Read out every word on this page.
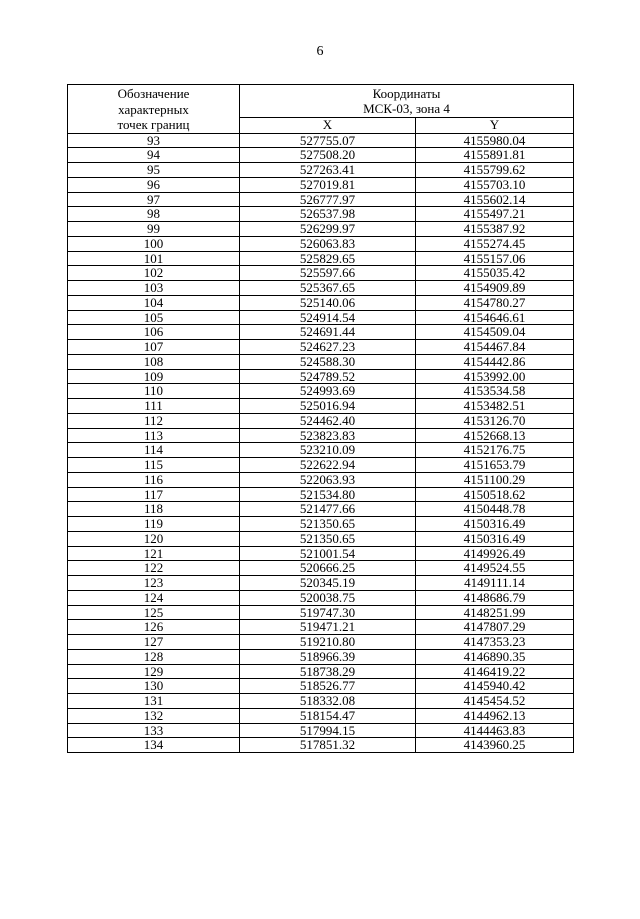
6
Обозначение
характерных
точек границ	Координаты
МСК-03, зона 4	

	X	Y
93	527755.07	4155980.04
94	527508.20	4155891.81
95	527263.41	4155799.62
96	527019.81	4155703.10
97	526777.97	4155602.14
98	526537.98	4155497.21
99	526299.97	4155387.92
100	526063.83	4155274.45
101	525829.65	4155157.06
102	525597.66	4155035.42
103	525367.65	4154909.89
104	525140.06	4154780.27
105	524914.54	4154646.61
106	524691.44	4154509.04
107	524627.23	4154467.84
108	524588.30	4154442.86
109	524789.52	4153992.00
110	524993.69	4153534.58
111	525016.94	4153482.51
112	524462.40	4153126.70
113	523823.83	4152668.13
114	523210.09	4152176.75
115	522622.94	4151653.79
116	522063.93	4151100.29
117	521534.80	4150518.62
118	521477.66	4150448.78
119	521350.65	4150316.49
120	521350.65	4150316.49
121	521001.54	4149926.49
122	520666.25	4149524.55
123	520345.19	4149111.14
124	520038.75	4148686.79
125	519747.30	4148251.99
126	519471.21	4147807.29
127	519210.80	4147353.23
128	518966.39	4146890.35
129	518738.29	4146419.22
130	518526.77	4145940.42
131	518332.08	4145454.52
132	518154.47	4144962.13
133	517994.15	4144463.83
134	517851.32	4143960.25
